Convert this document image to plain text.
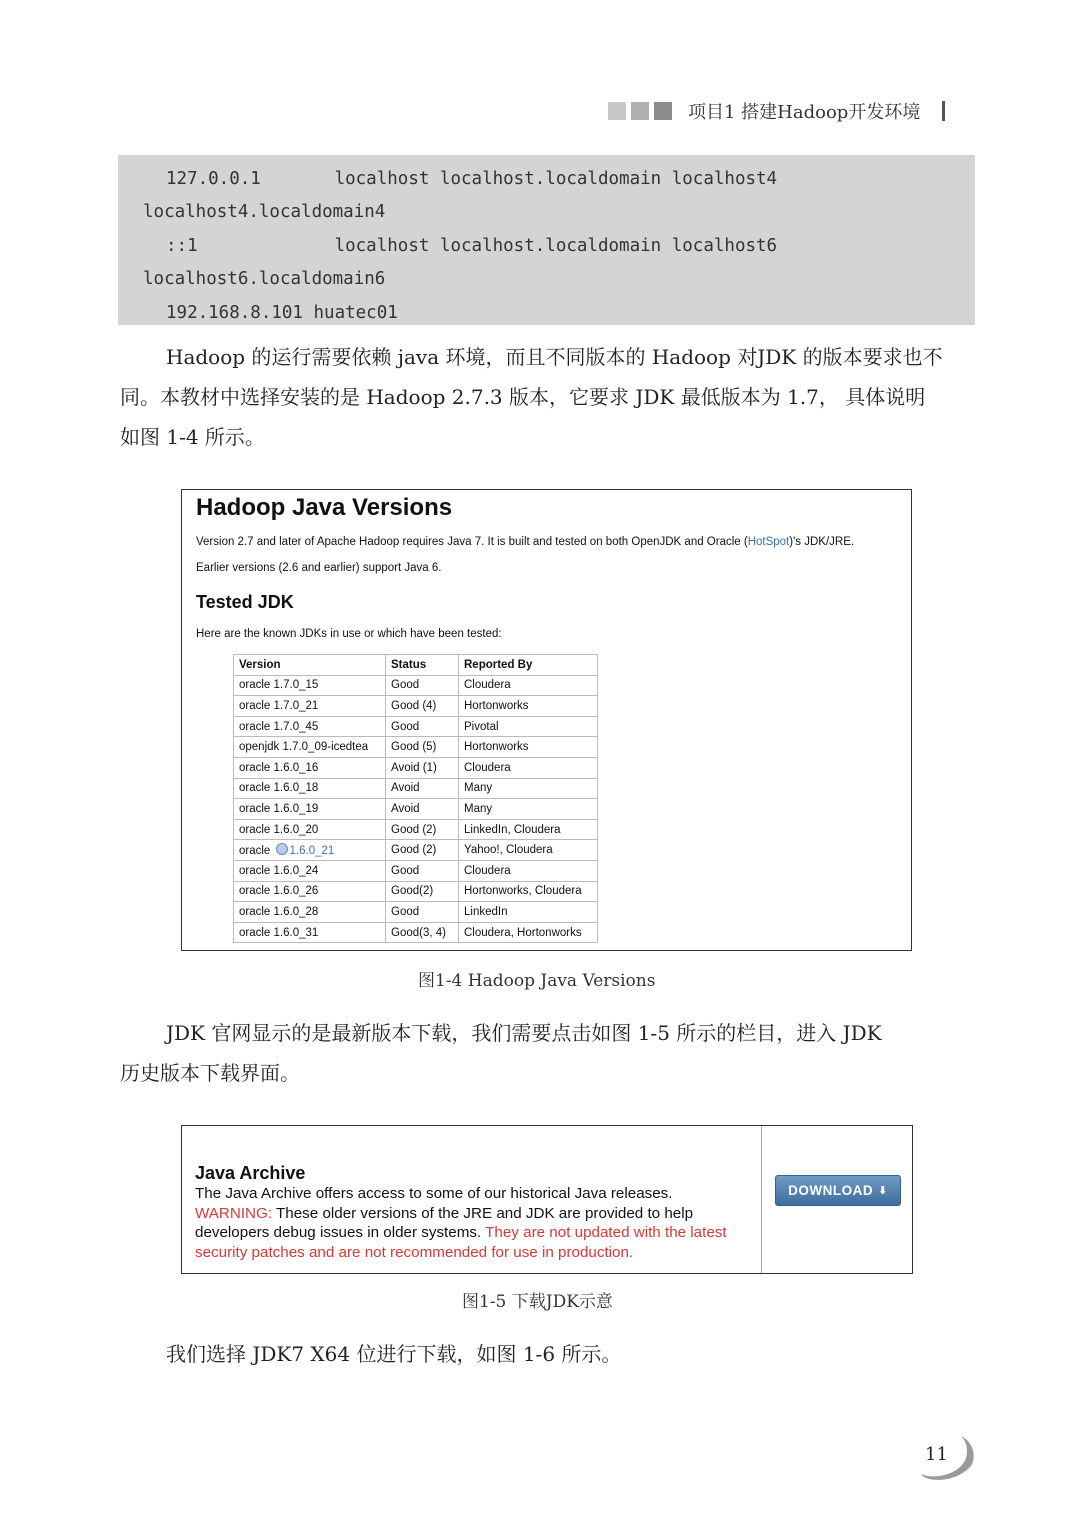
项目1 搭建Hadoop开发环境
127.0.0.1       localhost localhost.localdomain localhost4
localhost4.localdomain4
::1             localhost localhost.localdomain localhost6
localhost6.localdomain6
192.168.8.101 huatec01
Hadoop 的运行需要依赖 java 环境，而且不同版本的 Hadoop 对JDK 的版本要求也不
同。本教材中选择安装的是 Hadoop 2.7.3 版本，它要求 JDK 最低版本为 1.7， 具体说明
如图 1-4 所示。
Hadoop Java Versions
Version 2.7 and later of Apache Hadoop requires Java 7. It is built and tested on both OpenJDK and Oracle (HotSpot)'s JDK/JRE.
Earlier versions (2.6 and earlier) support Java 6.
Tested JDK
Here are the known JDKs in use or which have been tested:
Version	Status	Reported By
oracle 1.7.0_15	Good	Cloudera
oracle 1.7.0_21	Good (4)	Hortonworks
oracle 1.7.0_45	Good	Pivotal
openjdk 1.7.0_09-icedtea	Good (5)	Hortonworks
oracle 1.6.0_16	Avoid (1)	Cloudera
oracle 1.6.0_18	Avoid	Many
oracle 1.6.0_19	Avoid	Many
oracle 1.6.0_20	Good (2)	LinkedIn, Cloudera
oracle 1.6.0_21	Good (2)	Yahoo!, Cloudera
oracle 1.6.0_24	Good	Cloudera
oracle 1.6.0_26	Good(2)	Hortonworks, Cloudera
oracle 1.6.0_28	Good	LinkedIn
oracle 1.6.0_31	Good(3, 4)	Cloudera, Hortonworks
图1-4 Hadoop Java Versions
JDK 官网显示的是最新版本下载，我们需要点击如图 1-5 所示的栏目，进入 JDK
历史版本下载界面。
Java Archive
The Java Archive offers access to some of our historical Java releases.
WARNING: These older versions of the JRE and JDK are provided to help developers debug issues in older systems. They are not updated with the latest security patches and are not recommended for use in production.
DOWNLOAD ⬇
图1-5 下载JDK示意
我们选择 JDK7 X64 位进行下载，如图 1-6 所示。
11
